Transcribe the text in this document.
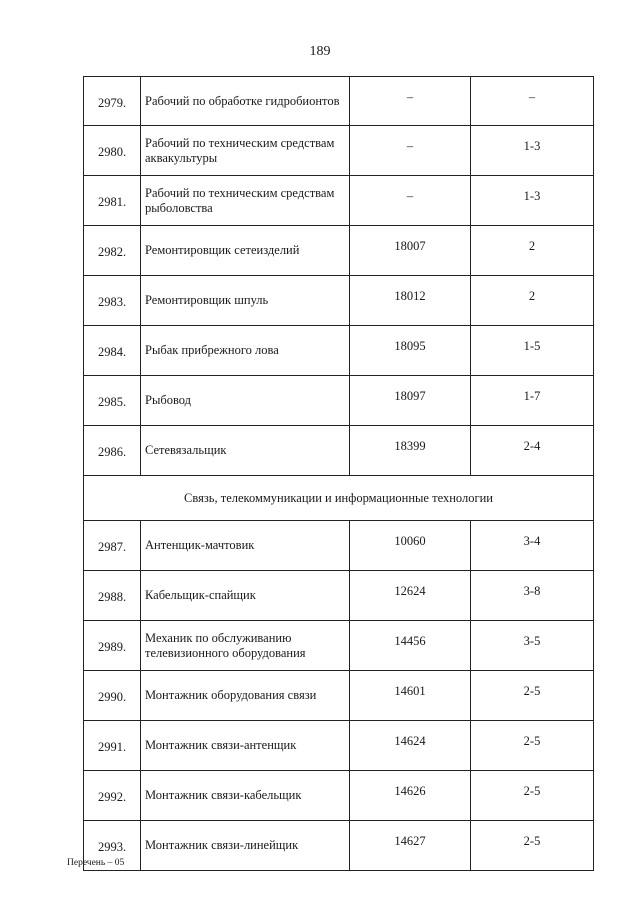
189
2979.	Рабочий по обработке гидробионтов	–	–
2980.	Рабочий по техническим средствам аквакультуры	–	1-3
2981.	Рабочий по техническим средствам рыболовства	–	1-3
2982.	Ремонтировщик сетеизделий	18007	2
2983.	Ремонтировщик шпуль	18012	2
2984.	Рыбак прибрежного лова	18095	1-5
2985.	Рыбовод	18097	1-7
2986.	Сетевязальщик	18399	2-4
Связь, телекоммуникации и информационные технологии			
2987.	Антенщик-мачтовик	10060	3-4
2988.	Кабельщик-спайщик	12624	3-8
2989.	Механик по обслуживанию телевизионного оборудования	14456	3-5
2990.	Монтажник оборудования связи	14601	2-5
2991.	Монтажник связи-антенщик	14624	2-5
2992.	Монтажник связи-кабельщик	14626	2-5
2993.	Монтажник связи-линейщик	14627	2-5
Перечень – 05
